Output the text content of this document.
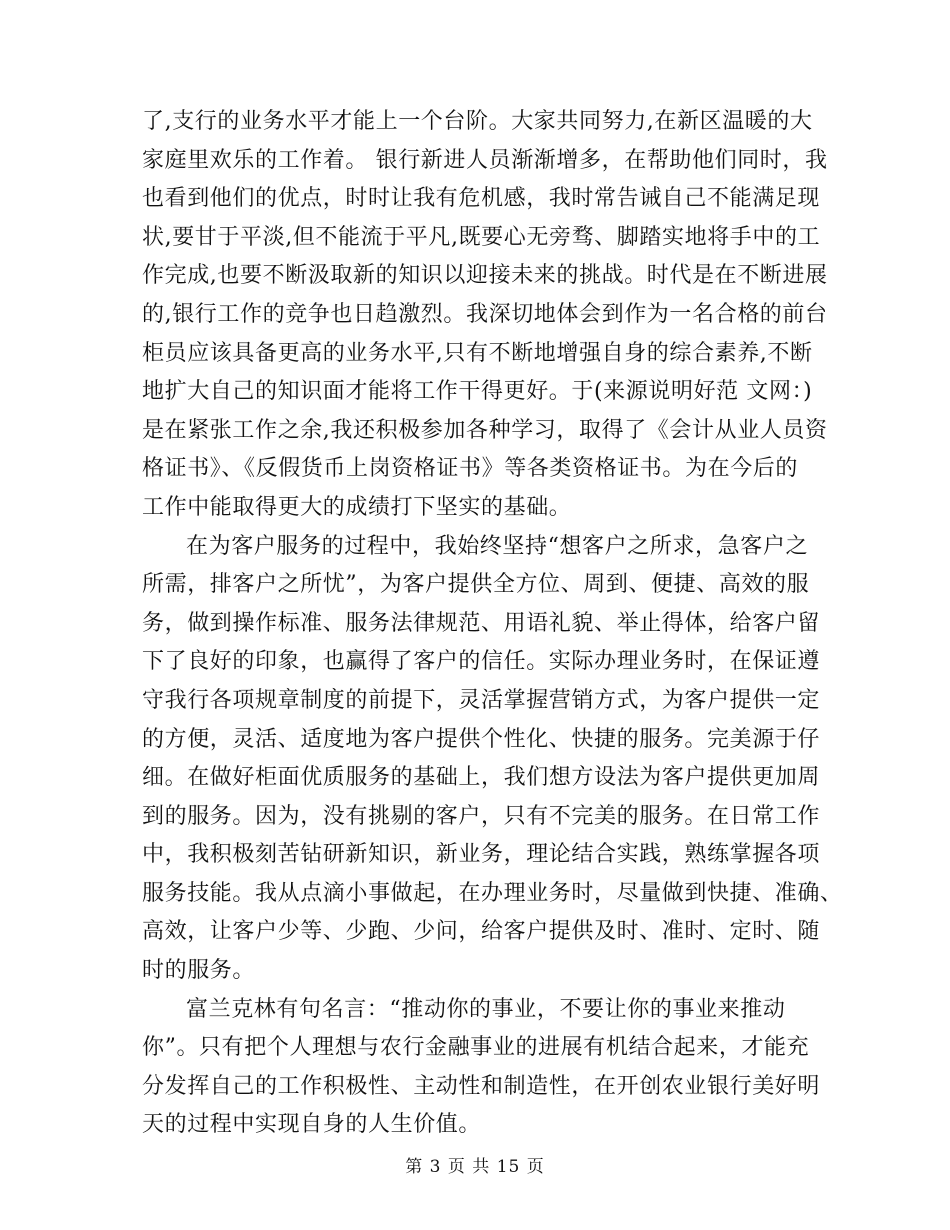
了,支行的业务水平才能上一个台阶。大家共同努力,在新区温暖的大
家庭里欢乐的工作着。 银行新进人员渐渐增多，在帮助他们同时，我
也看到他们的优点，时时让我有危机感，我时常告诫自己不能满足现
状,要甘于平淡,但不能流于平凡,既要心无旁骛、脚踏实地将手中的工
作完成,也要不断汲取新的知识以迎接未来的挑战。时代是在不断进展
的,银行工作的竞争也日趋激烈。我深切地体会到作为一名合格的前台
柜员应该具备更高的业务水平,只有不断地增强自身的综合素养,不断
地扩大自己的知识面才能将工作干得更好。于(来源说明好范 文网：)
是在紧张工作之余,我还积极参加各种学习，取得了《会计从业人员资
格证书》、《反假货币上岗资格证书》等各类资格证书。为在今后的
工作中能取得更大的成绩打下坚实的基础。
在为客户服务的过程中，我始终坚持“想客户之所求，急客户之
所需，排客户之所忧”，为客户提供全方位、周到、便捷、高效的服
务，做到操作标准、服务法律规范、用语礼貌、举止得体，给客户留
下了良好的印象，也赢得了客户的信任。实际办理业务时，在保证遵
守我行各项规章制度的前提下，灵活掌握营销方式，为客户提供一定
的方便，灵活、适度地为客户提供个性化、快捷的服务。完美源于仔
细。在做好柜面优质服务的基础上，我们想方设法为客户提供更加周
到的服务。因为，没有挑剔的客户，只有不完美的服务。在日常工作
中，我积极刻苦钻研新知识，新业务，理论结合实践，熟练掌握各项
服务技能。我从点滴小事做起，在办理业务时，尽量做到快捷、准确、
高效，让客户少等、少跑、少问，给客户提供及时、准时、定时、随
时的服务。
富兰克林有句名言：“推动你的事业，不要让你的事业来推动
你”。只有把个人理想与农行金融事业的进展有机结合起来，才能充
分发挥自己的工作积极性、主动性和制造性，在开创农业银行美好明
天的过程中实现自身的人生价值。
第 3 页 共 15 页
